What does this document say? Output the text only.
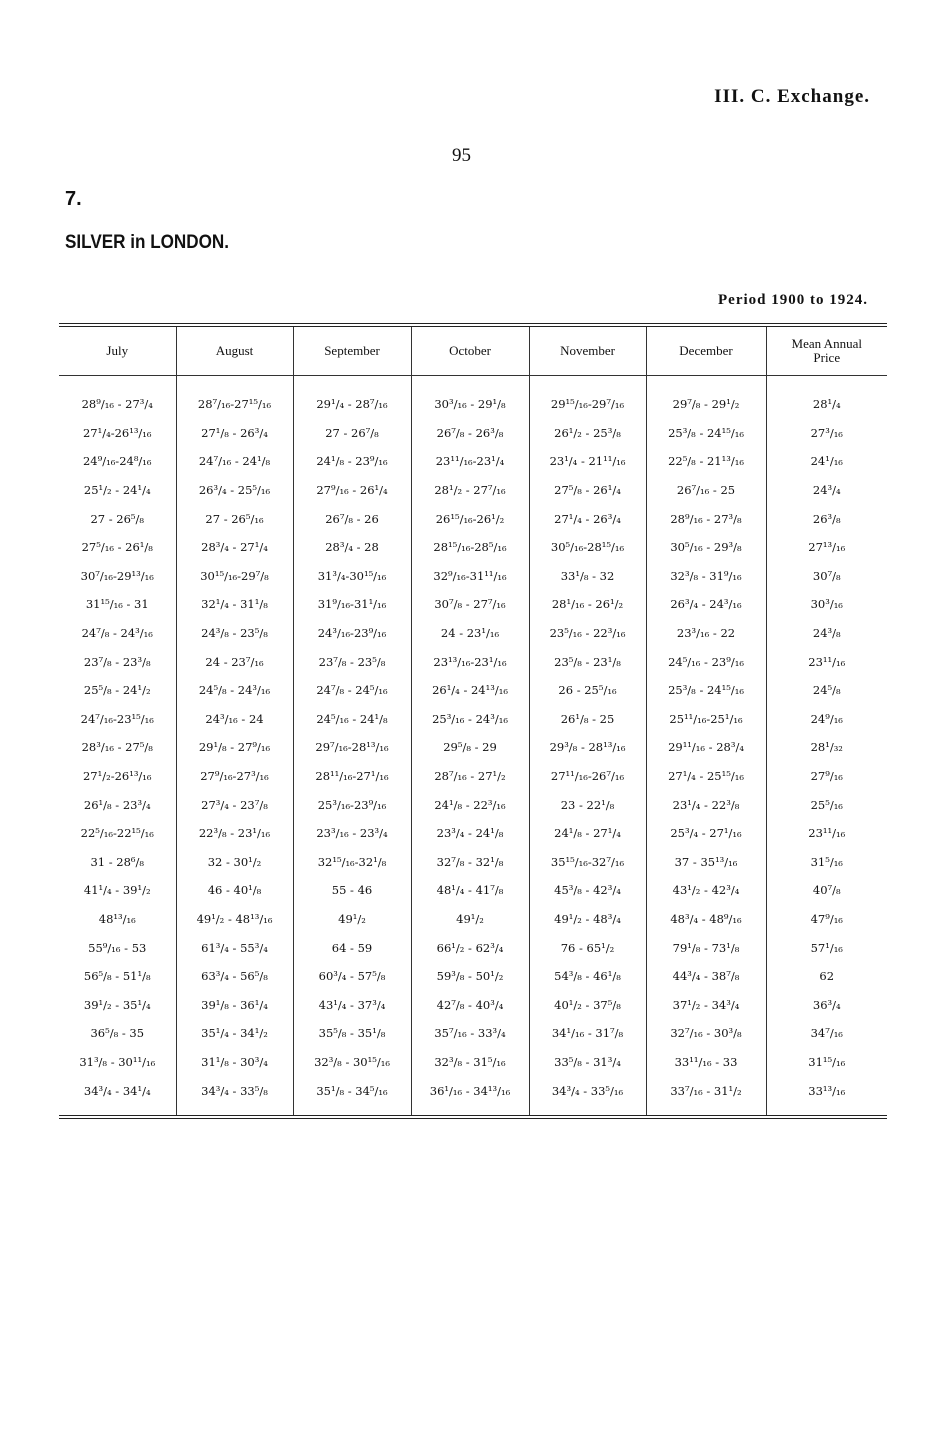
III. C. Exchange.
95
7.
SILVER in LONDON.
Period 1900 to 1924.
July	August	September	October	November	December	Mean Annual Price
28⁹/₁₆ - 27³/₄	28⁷/₁₆-27¹⁵/₁₆	29¹/₄ - 28⁷/₁₆	30³/₁₆ - 29¹/₈	29¹⁵/₁₆-29⁷/₁₆	29⁷/₈ - 29¹/₂	28¹/₄
27¹/₄-26¹³/₁₆	27¹/₈ - 26³/₄	27 - 26⁷/₈	26⁷/₈ - 26³/₈	26¹/₂ - 25³/₈	25³/₈ - 24¹⁵/₁₆	27³/₁₆
24⁹/₁₆-24⁸/₁₆	24⁷/₁₆ - 24¹/₈	24¹/₈ - 23⁹/₁₆	23¹¹/₁₆-23¹/₄	23¹/₄ - 21¹¹/₁₆	22⁵/₈ - 21¹³/₁₆	24¹/₁₆
25¹/₂ - 24¹/₄	26³/₄ - 25⁵/₁₆	27⁹/₁₆ - 26¹/₄	28¹/₂ - 27⁷/₁₆	27⁵/₈ - 26¹/₄	26⁷/₁₆ - 25	24³/₄
27 - 26⁵/₈	27 - 26⁵/₁₆	26⁷/₈ - 26	26¹⁵/₁₆-26¹/₂	27¹/₄ - 26³/₄	28⁹/₁₆ - 27³/₈	26³/₈
27⁵/₁₆ - 26¹/₈	28³/₄ - 27¹/₄	28³/₄ - 28	28¹⁵/₁₆-28⁵/₁₆	30⁵/₁₆-28¹⁵/₁₆	30⁵/₁₆ - 29³/₈	27¹³/₁₆
30⁷/₁₆-29¹³/₁₆	30¹⁵/₁₆-29⁷/₈	31³/₄-30¹⁵/₁₆	32⁹/₁₆-31¹¹/₁₆	33¹/₈ - 32	32³/₈ - 31⁹/₁₆	30⁷/₈
31¹⁵/₁₆ - 31	32¹/₄ - 31¹/₈	31⁹/₁₆-31¹/₁₆	30⁷/₈ - 27⁷/₁₆	28¹/₁₆ - 26¹/₂	26³/₄ - 24³/₁₆	30³/₁₆
24⁷/₈ - 24³/₁₆	24³/₈ - 23⁵/₈	24³/₁₆-23⁹/₁₆	24 - 23¹/₁₆	23⁵/₁₆ - 22³/₁₆	23³/₁₆ - 22	24³/₈
23⁷/₈ - 23³/₈	24 - 23⁷/₁₆	23⁷/₈ - 23⁵/₈	23¹³/₁₆-23¹/₁₆	23⁵/₈ - 23¹/₈	24⁵/₁₆ - 23⁹/₁₆	23¹¹/₁₆
25⁵/₈ - 24¹/₂	24⁵/₈ - 24³/₁₆	24⁷/₈ - 24⁵/₁₆	26¹/₄ - 24¹³/₁₆	26 - 25⁵/₁₆	25³/₈ - 24¹⁵/₁₆	24⁵/₈
24⁷/₁₆-23¹⁵/₁₆	24³/₁₆ - 24	24⁵/₁₆ - 24¹/₈	25³/₁₆ - 24³/₁₆	26¹/₈ - 25	25¹¹/₁₆-25¹/₁₆	24⁹/₁₆
28³/₁₆ - 27⁵/₈	29¹/₈ - 27⁹/₁₆	29⁷/₁₆-28¹³/₁₆	29⁵/₈ - 29	29³/₈ - 28¹³/₁₆	29¹¹/₁₆ - 28³/₄	28¹/₃₂
27¹/₂-26¹³/₁₆	27⁹/₁₆-27³/₁₆	28¹¹/₁₆-27¹/₁₆	28⁷/₁₆ - 27¹/₂	27¹¹/₁₆-26⁷/₁₆	27¹/₄ - 25¹⁵/₁₆	27⁹/₁₆
26¹/₈ - 23³/₄	27³/₄ - 23⁷/₈	25³/₁₆-23⁹/₁₆	24¹/₈ - 22³/₁₆	23 - 22¹/₈	23¹/₄ - 22³/₈	25⁵/₁₆
22⁵/₁₆-22¹⁵/₁₆	22³/₈ - 23¹/₁₆	23³/₁₆ - 23³/₄	23³/₄ - 24¹/₈	24¹/₈ - 27¹/₄	25³/₄ - 27¹/₁₆	23¹¹/₁₆
31 - 28⁶/₈	32 - 30¹/₂	32¹⁵/₁₆-32¹/₈	32⁷/₈ - 32¹/₈	35¹⁵/₁₆-32⁷/₁₆	37 - 35¹³/₁₆	31⁵/₁₆
41¹/₄ - 39¹/₂	46 - 40¹/₈	55 - 46	48¹/₄ - 41⁷/₈	45³/₈ - 42³/₄	43¹/₂ - 42³/₄	40⁷/₈
48¹³/₁₆	49¹/₂ - 48¹³/₁₆	49¹/₂	49¹/₂	49¹/₂ - 48³/₄	48³/₄ - 48⁹/₁₆	47⁹/₁₆
55⁹/₁₆ - 53	61³/₄ - 55³/₄	64 - 59	66¹/₂ - 62³/₄	76 - 65¹/₂	79¹/₈ - 73¹/₈	57¹/₁₆
56⁵/₈ - 51¹/₈	63³/₄ - 56⁵/₈	60³/₄ - 57⁵/₈	59³/₈ - 50¹/₂	54³/₈ - 46¹/₈	44³/₄ - 38⁷/₈	62
39¹/₂ - 35¹/₄	39¹/₈ - 36¹/₄	43¹/₄ - 37³/₄	42⁷/₈ - 40³/₄	40¹/₂ - 37⁵/₈	37¹/₂ - 34³/₄	36³/₄
36⁵/₈ - 35	35¹/₄ - 34¹/₂	35⁵/₈ - 35¹/₈	35⁷/₁₆ - 33³/₄	34¹/₁₆ - 31⁷/₈	32⁷/₁₆ - 30³/₈	34⁷/₁₆
31³/₈ - 30¹¹/₁₆	31¹/₈ - 30³/₄	32³/₈ - 30¹⁵/₁₆	32³/₈ - 31⁵/₁₆	33⁵/₈ - 31³/₄	33¹¹/₁₆ - 33	31¹⁵/₁₆
34³/₄ - 34¹/₄	34³/₄ - 33⁵/₈	35¹/₈ - 34⁵/₁₆	36¹/₁₆ - 34¹³/₁₆	34³/₄ - 33⁵/₁₆	33⁷/₁₆ - 31¹/₂	33¹³/₁₆
